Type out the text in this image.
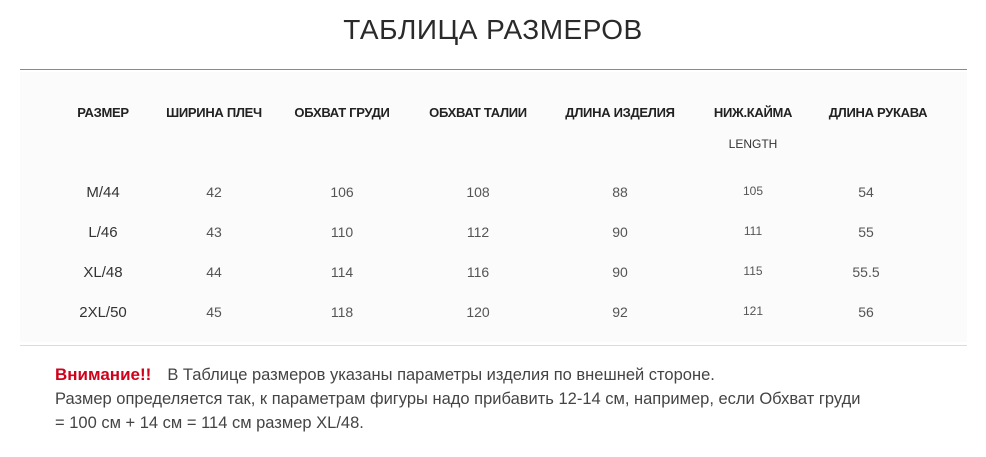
ТАБЛИЦА РАЗМЕРОВ
РАЗМЕР	ШИРИНА ПЛЕЧ	ОБХВАТ ГРУДИ	ОБХВАТ ТАЛИИ	ДЛИНА ИЗДЕЛИЯ	НИЖ.КАЙМА	ДЛИНА РУКАВА
LENGTH
M/44	42	106	108	88	105	54
L/46	43	110	112	90	111	55
XL/48	44	114	116	90	115	55.5
2XL/50	45	118	120	92	121	56
Внимание!! В Таблице размеров указаны параметры изделия по внешней стороне.
Размер определяется так, к параметрам фигуры надо прибавить 12-14 см, например, если Обхват груди
= 100 см + 14 см = 114 см размер XL/48.
